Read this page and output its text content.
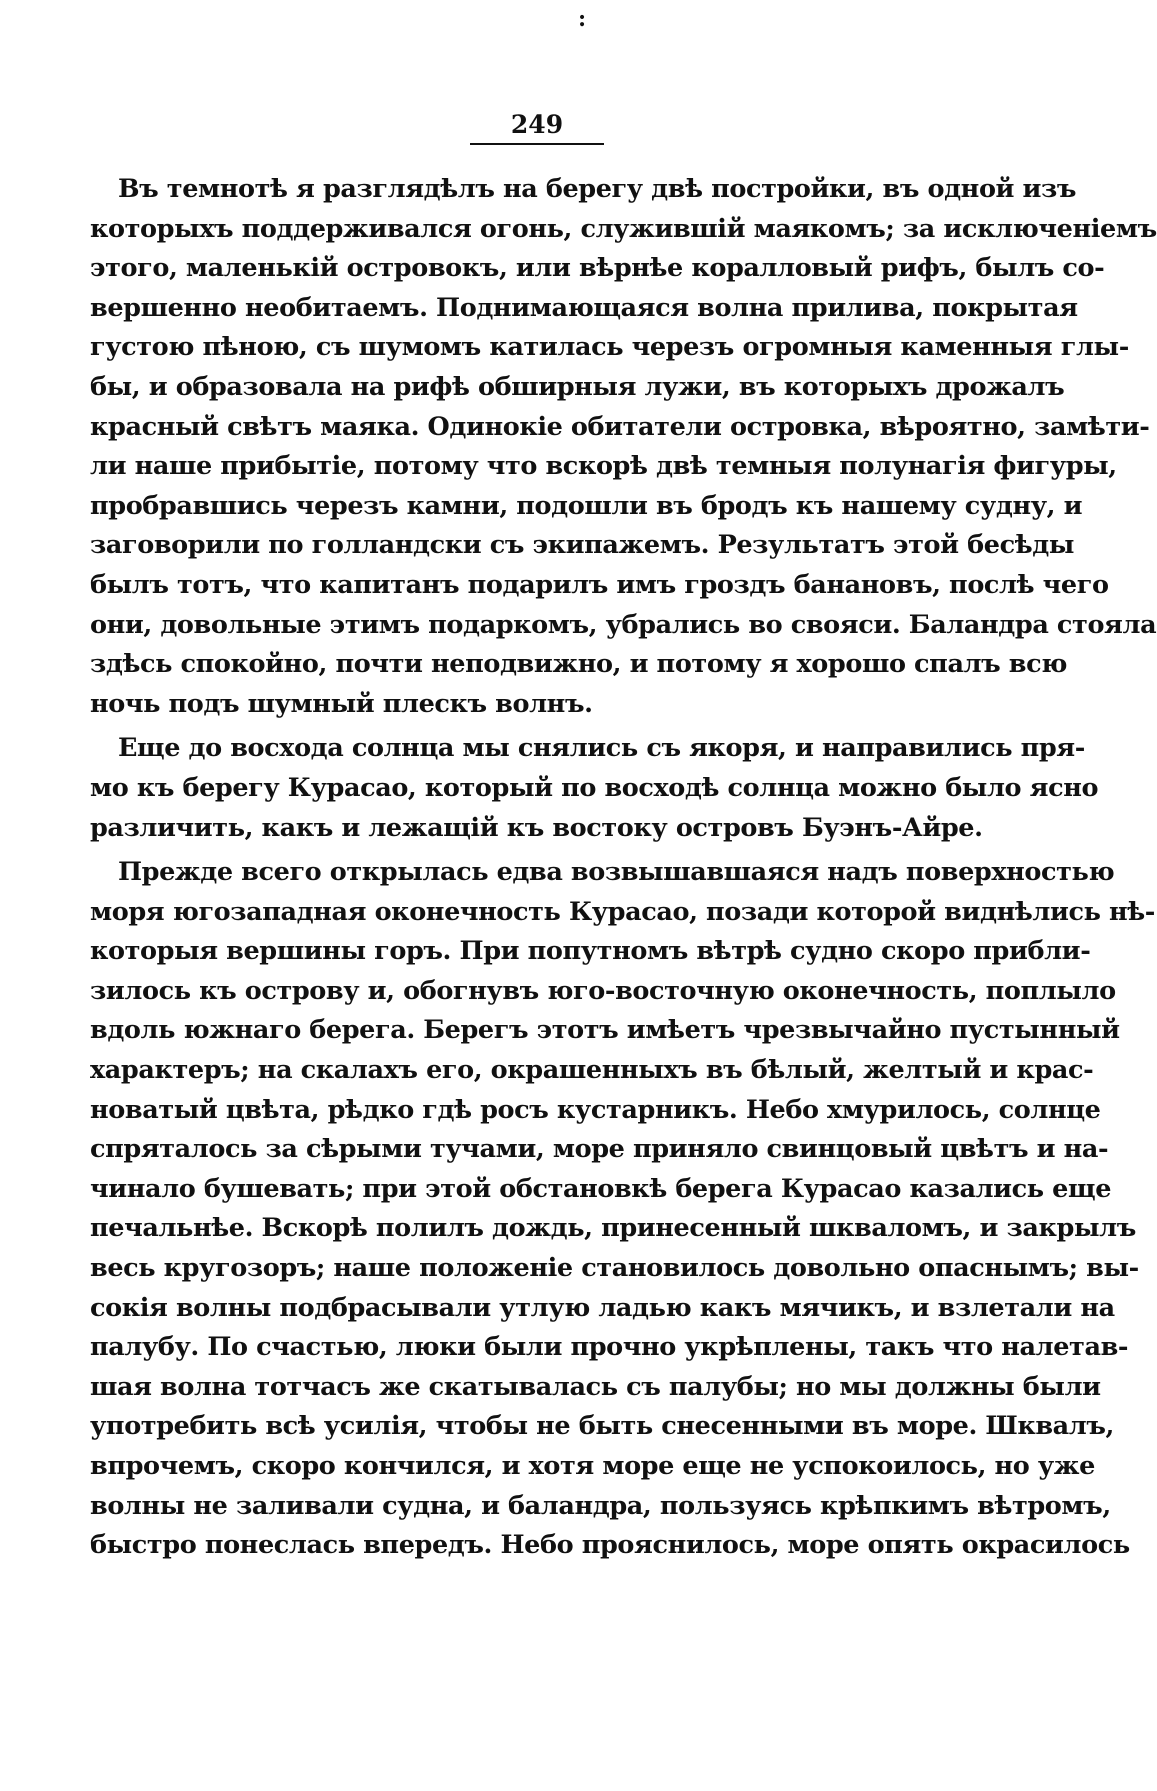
:
249
Въ темнотѣ я разглядѣлъ на берегу двѣ постройки, въ одной изъ
которыхъ поддерживался огонь, служившій маякомъ; за исключеніемъ
этого, маленькій островокъ, или вѣрнѣе коралловый рифъ, былъ со-
вершенно необитаемъ. Поднимающаяся волна прилива, покрытая
густою пѣною, съ шумомъ катилась черезъ огромныя каменныя глы-
бы, и образовала на рифѣ обширныя лужи, въ которыхъ дрожалъ
красный свѣтъ маяка. Одинокіе обитатели островка, вѣроятно, замѣти-
ли наше прибытіе, потому что вскорѣ двѣ темныя полунагія фигуры,
пробравшись черезъ камни, подошли въ бродъ къ нашему судну, и
заговорили по голландски съ экипажемъ. Результатъ этой бесѣды
былъ тотъ, что капитанъ подарилъ имъ гроздъ банановъ, послѣ чего
они, довольные этимъ подаркомъ, убрались во свояси. Баландра стояла
здѣсь спокойно, почти неподвижно, и потому я хорошо спалъ всю
ночь подъ шумный плескъ волнъ.
Еще до восхода солнца мы снялись съ якоря, и направились пря-
мо къ берегу Курасао, который по восходѣ солнца можно было ясно
различить, какъ и лежащій къ востоку островъ Буэнъ-Айре.
Прежде всего открылась едва возвышавшаяся надъ поверхностью
моря югозападная оконечность Курасао, позади которой виднѣлись нѣ-
которыя вершины горъ. При попутномъ вѣтрѣ судно скоро прибли-
зилось къ острову и, обогнувъ юго-восточную оконечность, поплыло
вдоль южнаго берега. Берегъ этотъ имѣетъ чрезвычайно пустынный
характеръ; на скалахъ его, окрашенныхъ въ бѣлый, желтый и крас-
новатый цвѣта, рѣдко гдѣ росъ кустарникъ. Небо хмурилось, солнце
спряталось за сѣрыми тучами, море приняло свинцовый цвѣтъ и на-
чинало бушевать; при этой обстановкѣ берега Курасао казались еще
печальнѣе. Вскорѣ полилъ дождь, принесенный шкваломъ, и закрылъ
весь кругозоръ; наше положеніе становилось довольно опаснымъ; вы-
сокія волны подбрасывали утлую ладью какъ мячикъ, и взлетали на
палубу. По счастью, люки были прочно укрѣплены, такъ что налетав-
шая волна тотчасъ же скатывалась съ палубы; но мы должны были
употребить всѣ усилія, чтобы не быть снесенными въ море. Шквалъ,
впрочемъ, скоро кончился, и хотя море еще не успокоилось, но уже
волны не заливали судна, и баландра, пользуясь крѣпкимъ вѣтромъ,
быстро понеслась впередъ. Небо прояснилось, море опять окрасилось
